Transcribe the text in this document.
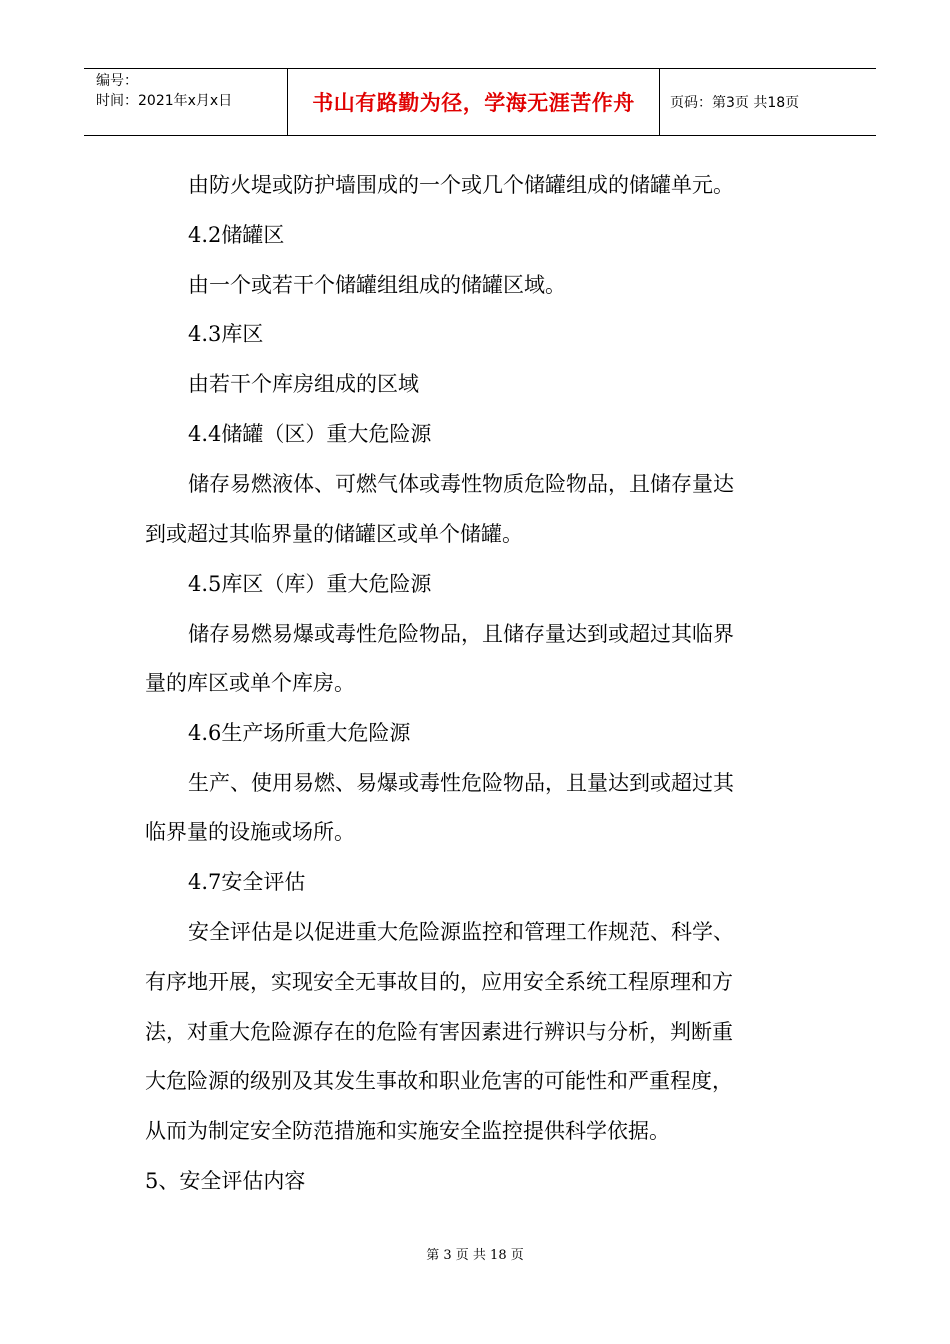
编号：
时间：2021年x月x日	书山有路勤为径，学海无涯苦作舟	页码：第3页 共18页
由防火堤或防护墙围成的一个或几个储罐组成的储罐单元。
4.2储罐区
由一个或若干个储罐组组成的储罐区域。
4.3库区
由若干个库房组成的区域
4.4储罐（区）重大危险源
储存易燃液体、可燃气体或毒性物质危险物品，且储存量达
到或超过其临界量的储罐区或单个储罐。
4.5库区（库）重大危险源
储存易燃易爆或毒性危险物品，且储存量达到或超过其临界
量的库区或单个库房。
4.6生产场所重大危险源
生产、使用易燃、易爆或毒性危险物品，且量达到或超过其
临界量的设施或场所。
4.7安全评估
安全评估是以促进重大危险源监控和管理工作规范、科学、
有序地开展，实现安全无事故目的，应用安全系统工程原理和方
法，对重大危险源存在的危险有害因素进行辨识与分析，判断重
大危险源的级别及其发生事故和职业危害的可能性和严重程度，
从而为制定安全防范措施和实施安全监控提供科学依据。
5、安全评估内容
第 3 页 共 18 页
